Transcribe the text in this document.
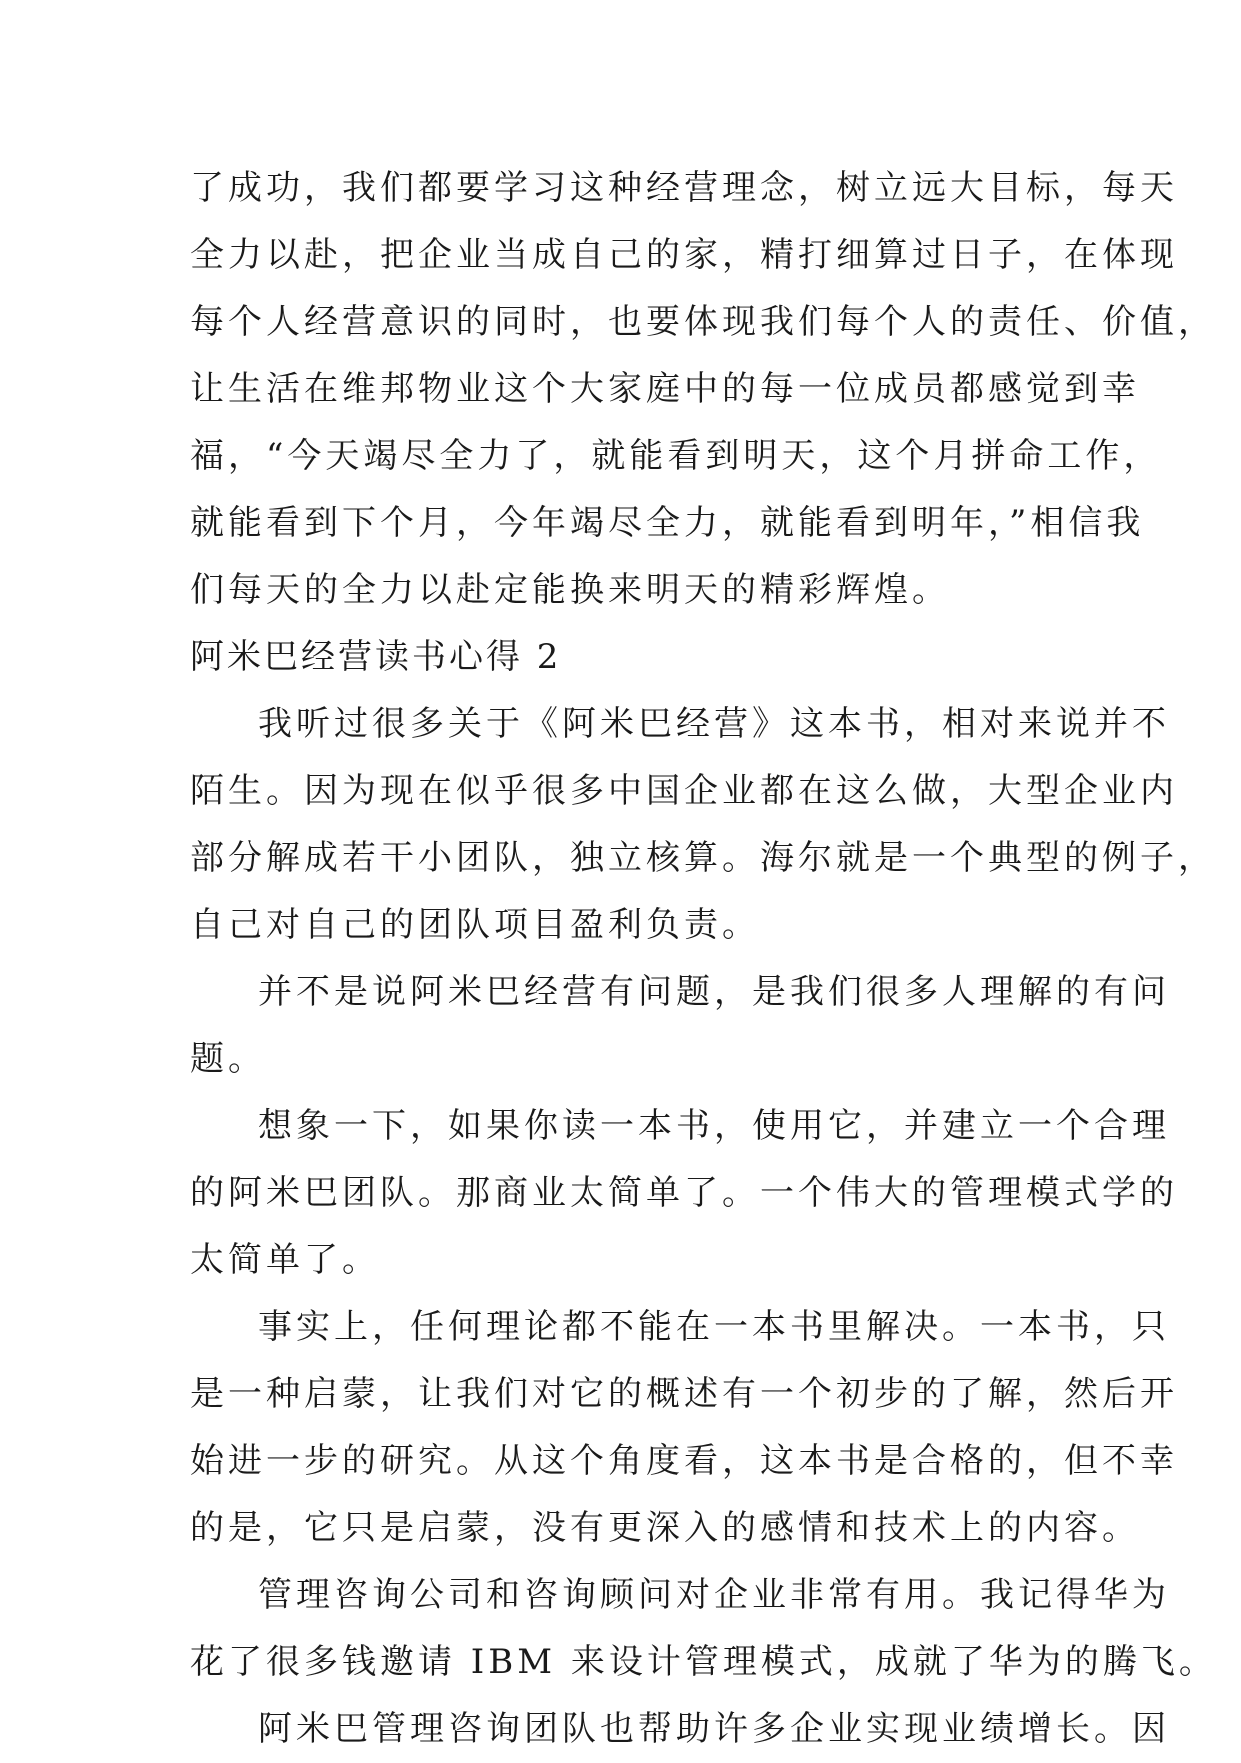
了成功，我们都要学习这种经营理念，树立远大目标，每天
全力以赴，把企业当成自己的家，精打细算过日子，在体现
每个人经营意识的同时，也要体现我们每个人的责任、价值，
让生活在维邦物业这个大家庭中的每一位成员都感觉到幸
福，“今天竭尽全力了，就能看到明天，这个月拼命工作，
就能看到下个月，今年竭尽全力，就能看到明年，”相信我
们每天的全力以赴定能换来明天的精彩辉煌。
阿米巴经营读书心得 2
我听过很多关于《阿米巴经营》这本书，相对来说并不
陌生。因为现在似乎很多中国企业都在这么做，大型企业内
部分解成若干小团队，独立核算。海尔就是一个典型的例子，
自己对自己的团队项目盈利负责。
并不是说阿米巴经营有问题，是我们很多人理解的有问
题。
想象一下，如果你读一本书，使用它，并建立一个合理
的阿米巴团队。那商业太简单了。一个伟大的管理模式学的
太简单了。
事实上，任何理论都不能在一本书里解决。一本书，只
是一种启蒙，让我们对它的概述有一个初步的了解，然后开
始进一步的研究。从这个角度看，这本书是合格的，但不幸
的是，它只是启蒙，没有更深入的感情和技术上的内容。
管理咨询公司和咨询顾问对企业非常有用。我记得华为
花了很多钱邀请 IBM 来设计管理模式，成就了华为的腾飞。
阿米巴管理咨询团队也帮助许多企业实现业绩增长。因
